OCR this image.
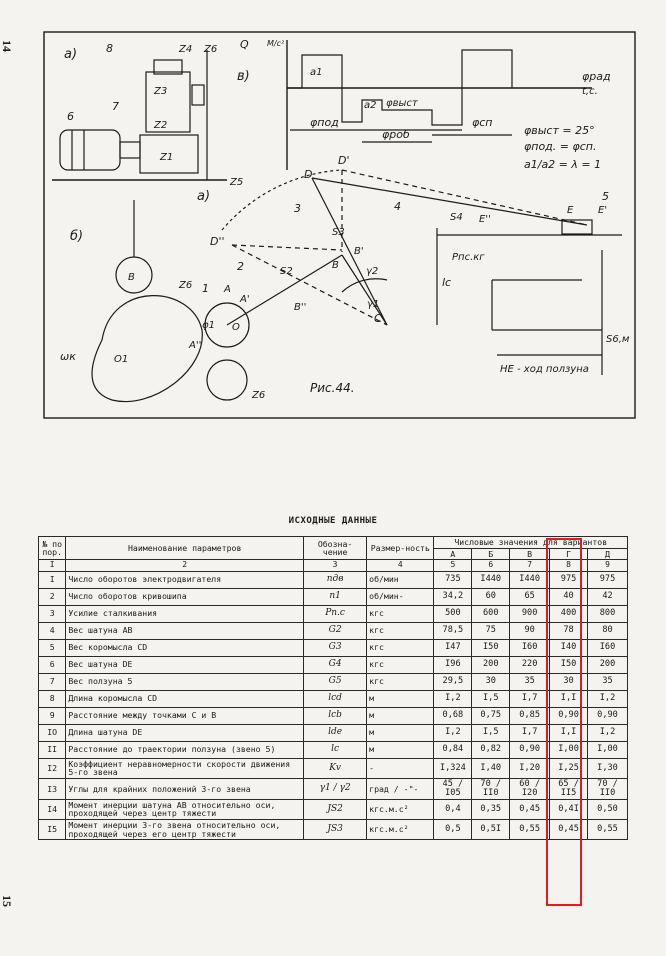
14
а)
б)
в)
а)
6
7
8	Z4 Z6
Z3
Z2
Z1
Z5
Z6
Z6
Q M/c²
a1
a2
φрад
t,c.
φвыст
φпод
φроб
φсп
φвыст = 25°
φпод. = φсп.
a1/a2 = λ = 1
D
D'
D''
3	4
2
1
5
S3
S2
S4 E''
E E'
B
B'
B''
A
A'
A''
O
C
γ1
γ2
φ1
lc
Pпс.кг
S6,м
HE - ход ползуна
ωк	O1
B
Рис.44.
ИСХОДНЫЕ ДАННЫЕ
№ по пор.	Наименование параметров	Обозна-чение	Размер-ность	Числовые значения для вариантов				
				А	Б	В	Г	Д
I	2	3	4	5	6	7	8	9
I	Число оборотов электродвигателя	nдв	об/мин	735	I440	I440	975	975
2	Число оборотов кривошипа	n1	об/мин-	34,2	60	65	40	42
3	Усилие сталкивания	Pп.с	кгс	500	600	900	400	800
4	Вес шатуна AB	G2	кгс	78,5	75	90	78	80
5	Вес коромысла CD	G3	кгс	I47	I50	I60	I40	I60
6	Вес шатуна DE	G4	кгс	I96	200	220	I50	200
7	Вес ползуна 5	G5	кгс	29,5	30	35	30	35
8	Длина коромысла CD	lcd	м	I,2	I,5	I,7	I,I	I,2
9	Расстояние между точками C и B	lcb	м	0,68	0,75	0,85	0,90	0,90
IO	Длина шатуна DE	lde	м	I,2	I,5	I,7	I,I	I,2
II	Расстояние до траектории ползуна (звено 5)	lc	м	0,84	0,82	0,90	I,00	I,00
I2	Коэффициент неравномерности скорости движения 5-го звена	Kv	-	I,324	I,40	I,20	I,25	I,30
I3	Углы для крайних положений 3-го звена	γ1 / γ2	град / -"-	45 / I05	70 / II0	60 / I20	65 / II5	70 / II0
I4	Момент инерции шатуна AB относительно оси, проходящей через центр тяжести	JS2	кгс.м.с²	0,4	0,35	0,45	0,4I	0,50
I5	Момент инерции 3-го звена относительно оси, проходящей через его центр тяжести	JS3	кгс.м.с²	0,5	0,5I	0,55	0,45	0,55
15
